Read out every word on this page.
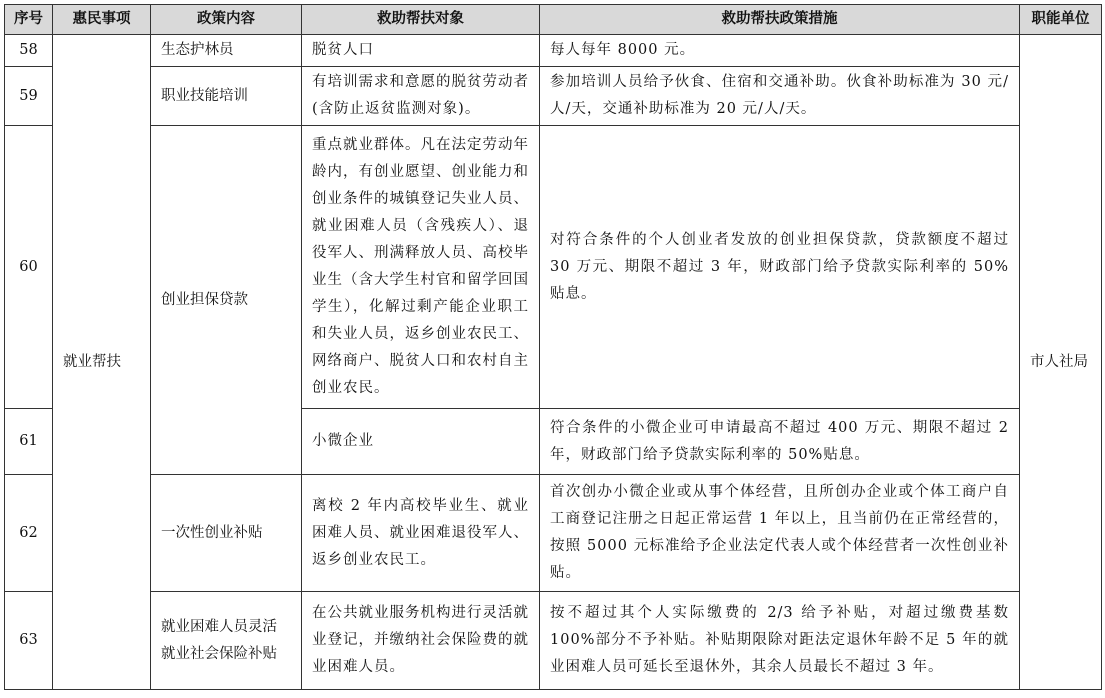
序号	惠民事项	政策内容	救助帮扶对象	救助帮扶政策措施	职能单位
58	就业帮扶	生态护林员	脱贫人口	每人每年 8000 元。	市人社局
59		职业技能培训	有培训需求和意愿的脱贫劳动者(含防止返贫监测对象)。	参加培训人员给予伙食、住宿和交通补助。伙食补助标准为 30 元/人/天，交通补助标准为 20 元/人/天。	
60		创业担保贷款	重点就业群体。凡在法定劳动年龄内，有创业愿望、创业能力和创业条件的城镇登记失业人员、就业困难人员（含残疾人）、退役军人、刑满释放人员、高校毕业生（含大学生村官和留学回国学生），化解过剩产能企业职工和失业人员，返乡创业农民工、网络商户、脱贫人口和农村自主创业农民。	对符合条件的个人创业者发放的创业担保贷款，贷款额度不超过 30 万元、期限不超过 3 年，财政部门给予贷款实际利率的 50%贴息。	
61			小微企业	符合条件的小微企业可申请最高不超过 400 万元、期限不超过 2 年，财政部门给予贷款实际利率的 50%贴息。	
62		一次性创业补贴	离校 2 年内高校毕业生、就业困难人员、就业困难退役军人、返乡创业农民工。	首次创办小微企业或从事个体经营，且所创办企业或个体工商户自工商登记注册之日起正常运营 1 年以上，且当前仍在正常经营的，按照 5000 元标准给予企业法定代表人或个体经营者一次性创业补贴。	
63		就业困难人员灵活就业社会保险补贴	在公共就业服务机构进行灵活就业登记，并缴纳社会保险费的就业困难人员。	按不超过其个人实际缴费的 2/3 给予补贴，对超过缴费基数 100%部分不予补贴。补贴期限除对距法定退休年龄不足 5 年的就业困难人员可延长至退休外，其余人员最长不超过 3 年。	
